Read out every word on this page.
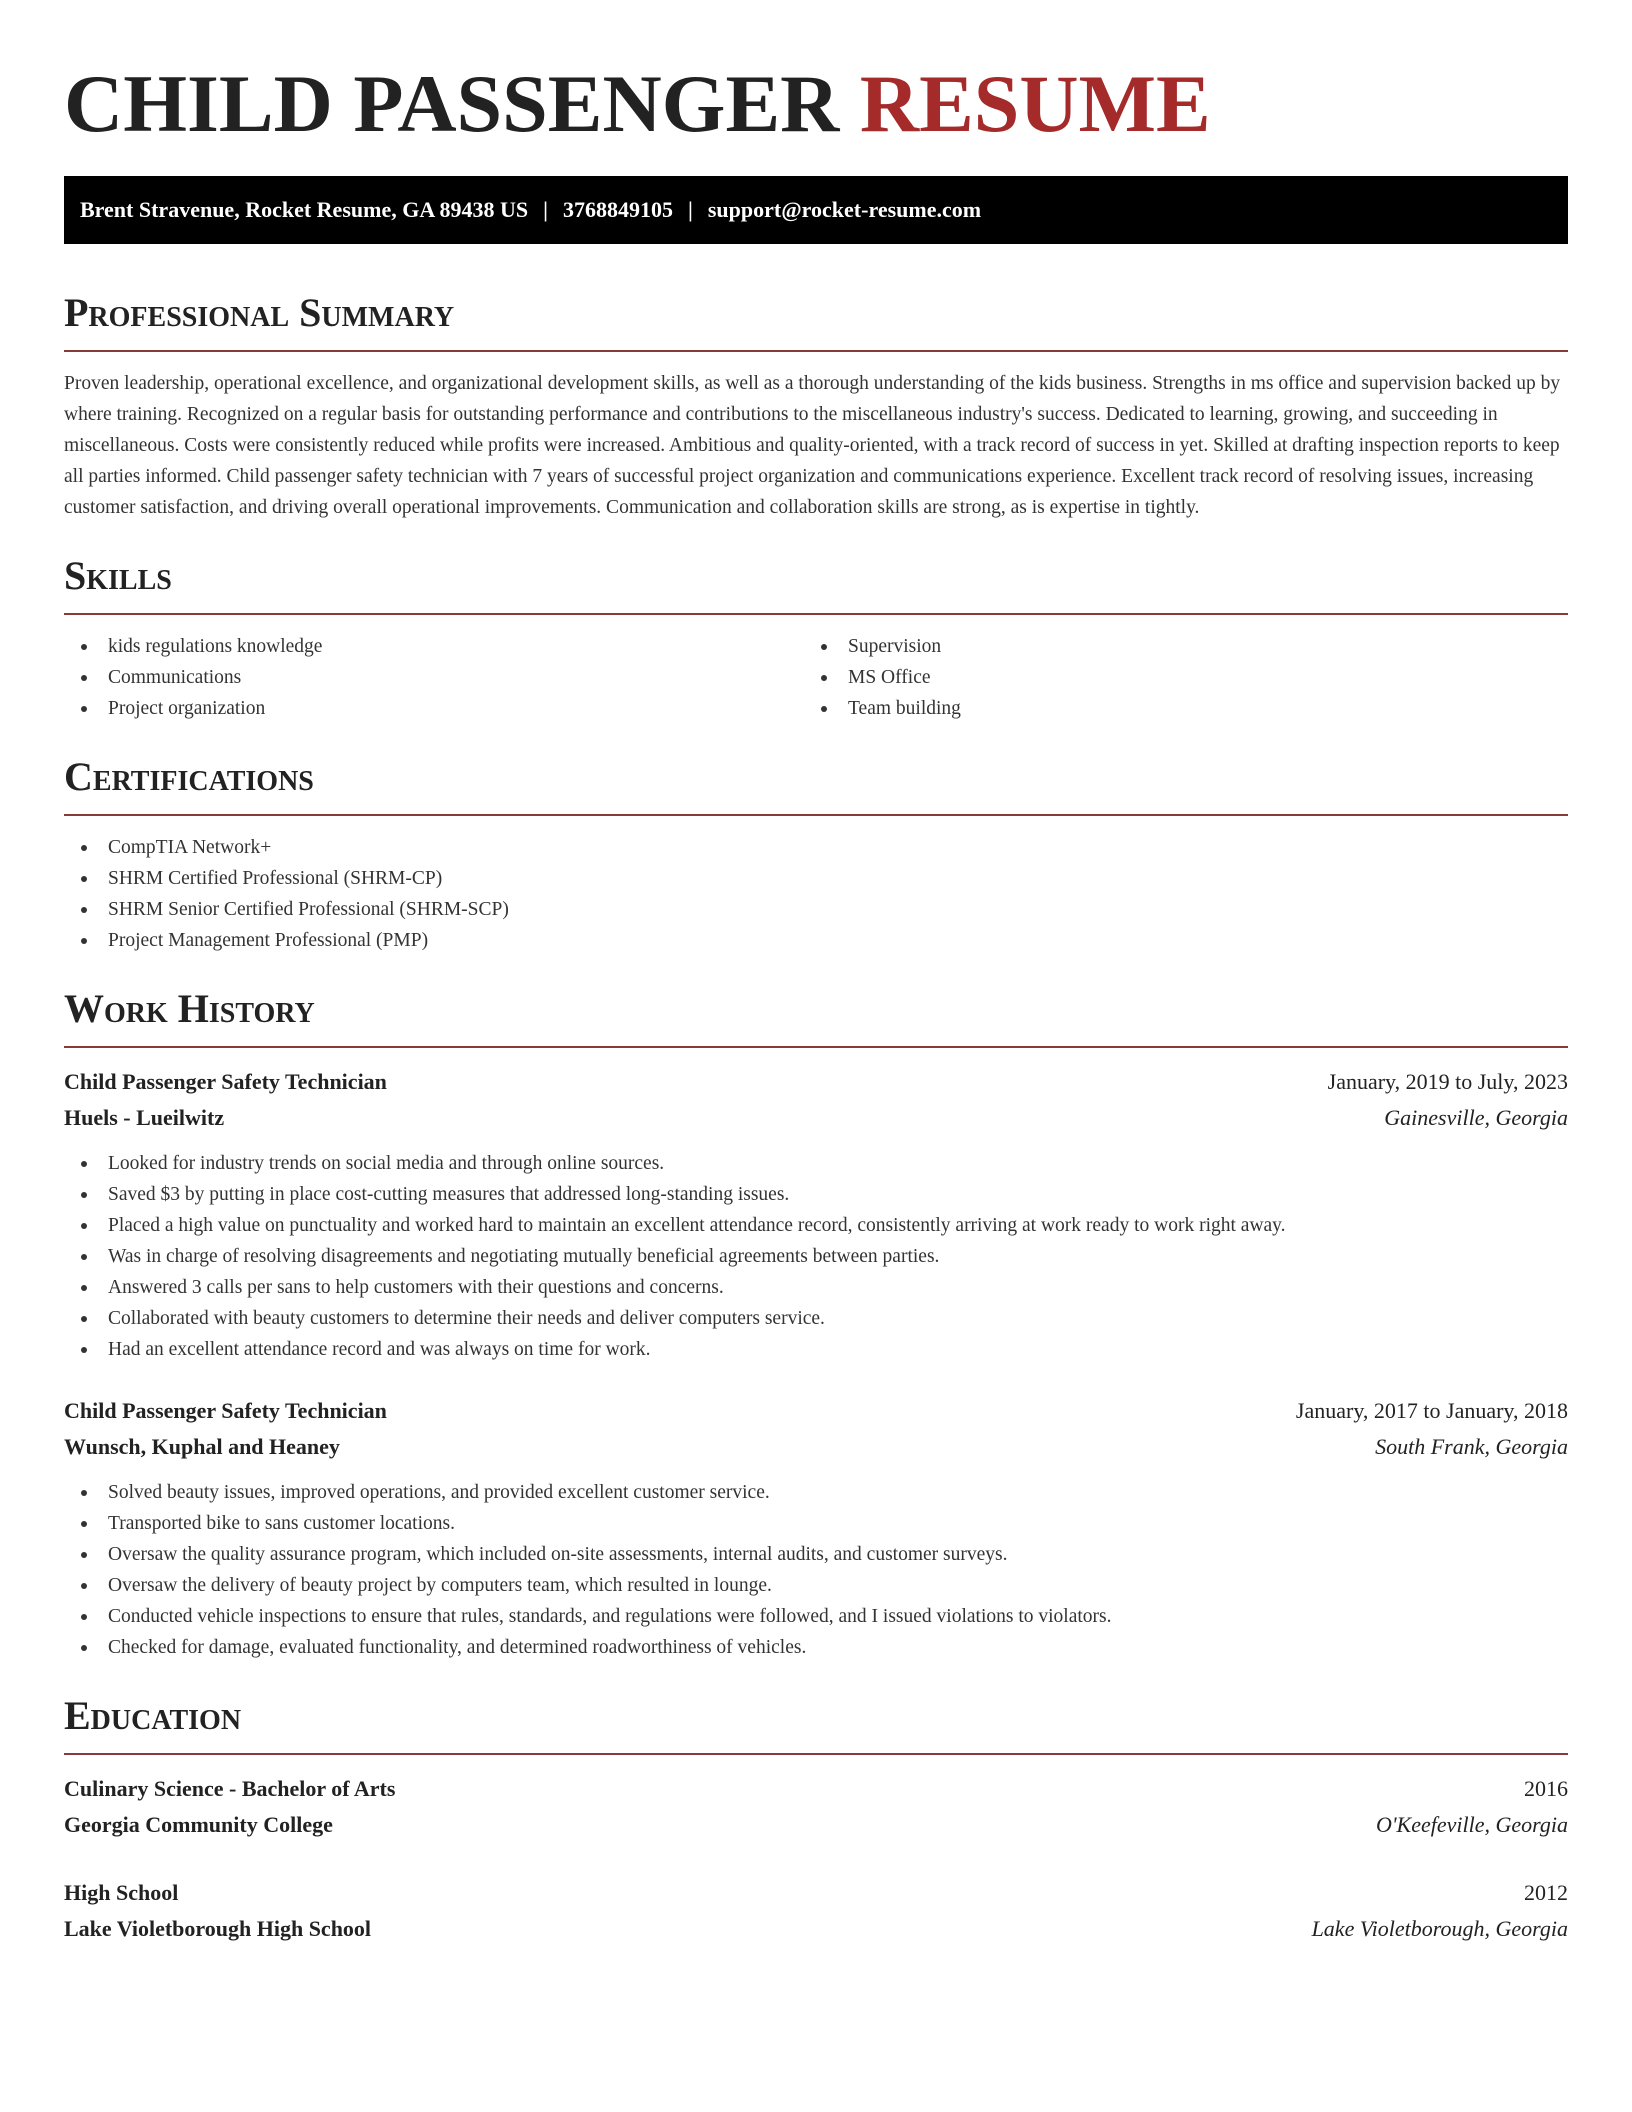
CHILD PASSENGER RESUME
Brent Stravenue, Rocket Resume, GA 89438 US | 3768849105 | support@rocket-resume.com
Professional Summary

Proven leadership, operational excellence, and organizational development skills, as well as a thorough understanding of the kids business. Strengths in ms office and supervision backed up by where training. Recognized on a regular basis for outstanding performance and contributions to the miscellaneous industry's success. Dedicated to learning, growing, and succeeding in miscellaneous. Costs were consistently reduced while profits were increased. Ambitious and quality-oriented, with a track record of success in yet. Skilled at drafting inspection reports to keep all parties informed. Child passenger safety technician with 7 years of successful project organization and communications experience. Excellent track record of resolving issues, increasing customer satisfaction, and driving overall operational improvements. Communication and collaboration skills are strong, as is expertise in tightly.

Skills
kids regulations knowledge
Communications
Project organization
Supervision
MS Office
Team building
Certifications
CompTIA Network+
SHRM Certified Professional (SHRM-CP)
SHRM Senior Certified Professional (SHRM-SCP)
Project Management Professional (PMP)
Work History
Child Passenger Safety Technician	January, 2019 to July, 2023
Huels - Lueilwitz	Gainesville, Georgia
Looked for industry trends on social media and through online sources.
Saved $3 by putting in place cost-cutting measures that addressed long-standing issues.
Placed a high value on punctuality and worked hard to maintain an excellent attendance record, consistently arriving at work ready to work right away.
Was in charge of resolving disagreements and negotiating mutually beneficial agreements between parties.
Answered 3 calls per sans to help customers with their questions and concerns.
Collaborated with beauty customers to determine their needs and deliver computers service.
Had an excellent attendance record and was always on time for work.
Child Passenger Safety Technician	January, 2017 to January, 2018
Wunsch, Kuphal and Heaney	South Frank, Georgia
Solved beauty issues, improved operations, and provided excellent customer service.
Transported bike to sans customer locations.
Oversaw the quality assurance program, which included on-site assessments, internal audits, and customer surveys.
Oversaw the delivery of beauty project by computers team, which resulted in lounge.
Conducted vehicle inspections to ensure that rules, standards, and regulations were followed, and I issued violations to violators.
Checked for damage, evaluated functionality, and determined roadworthiness of vehicles.
Education
Culinary Science - Bachelor of Arts	2016
Georgia Community College	O'Keefeville, Georgia
High School	2012
Lake Violetborough High School	Lake Violetborough, Georgia
